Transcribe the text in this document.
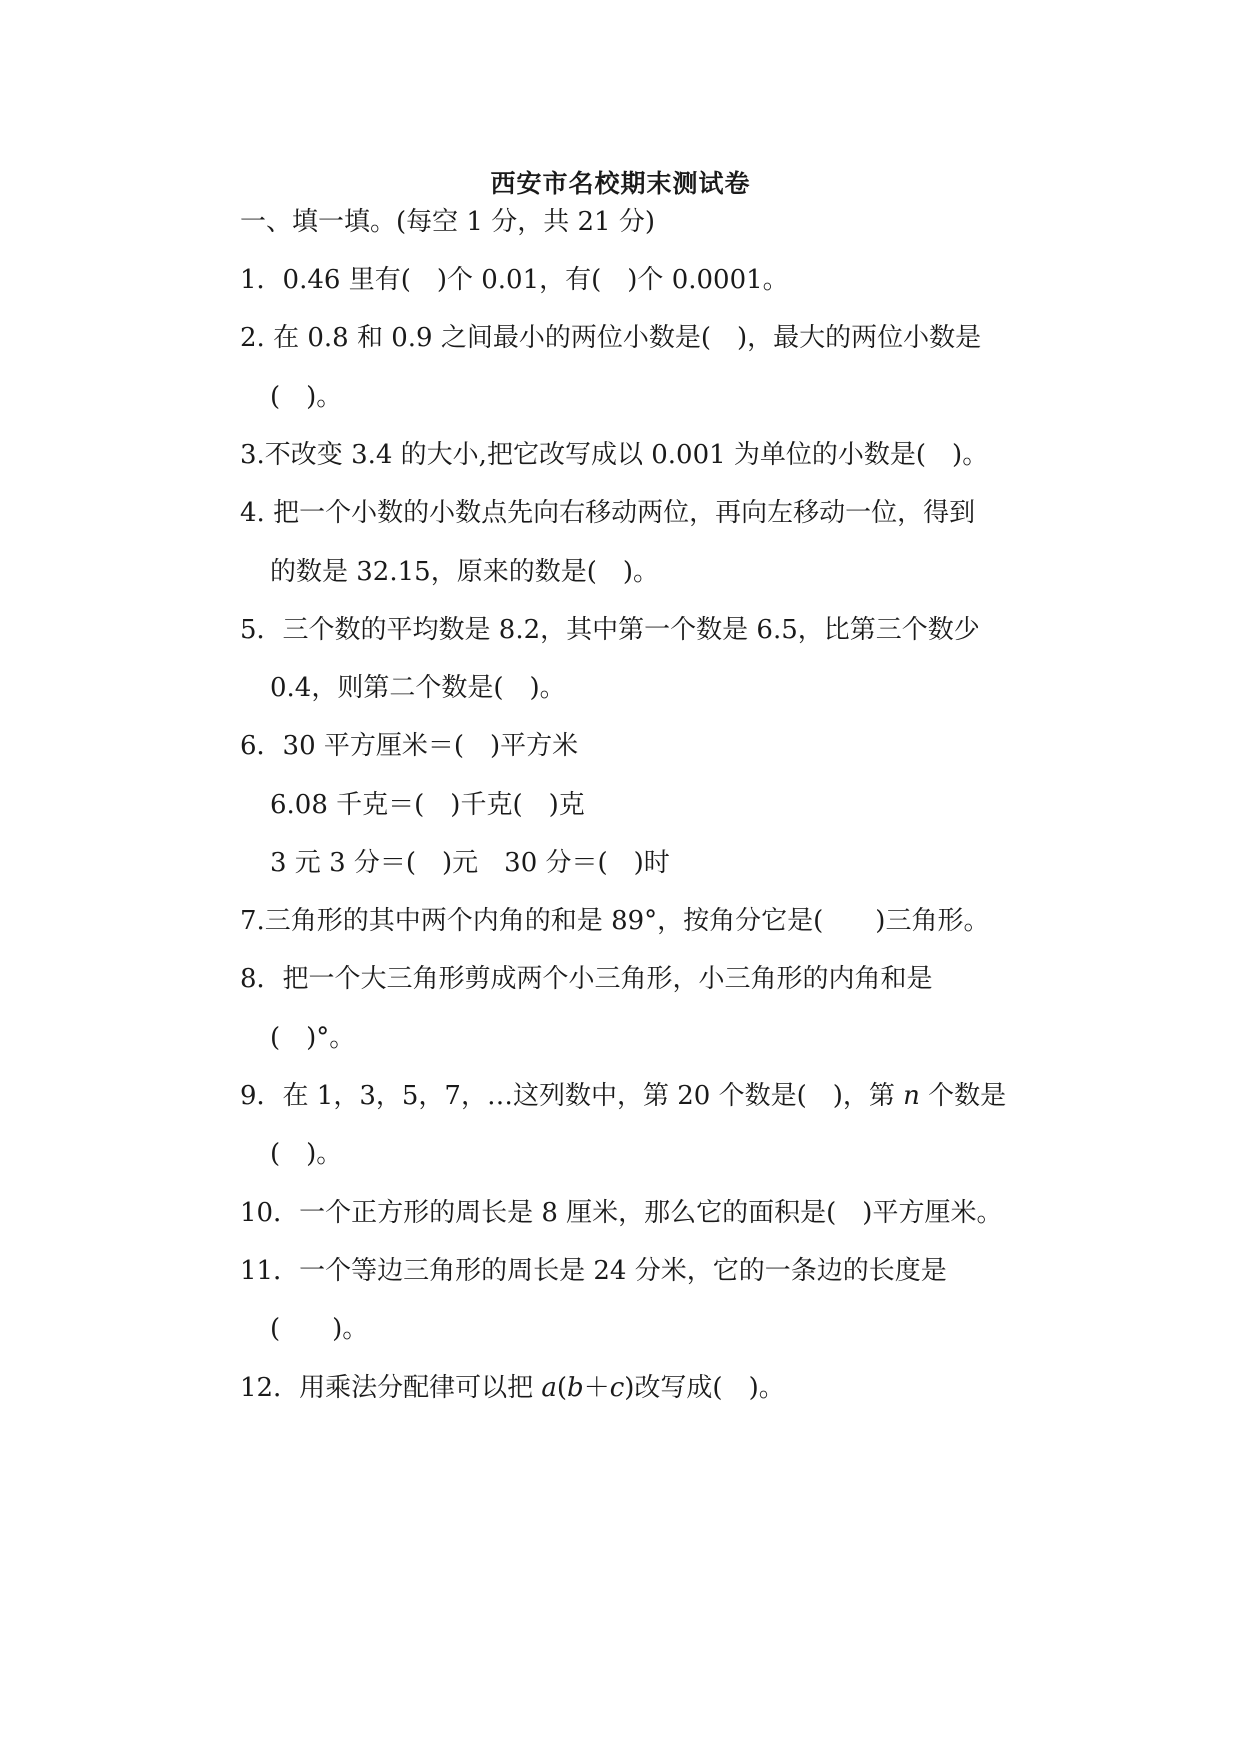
西安市名校期末测试卷
一、填一填。(每空 1 分，共 21 分)
1．0.46 里有(　)个 0.01，有(　)个 0.0001。
2. 在 0.8 和 0.9 之间最小的两位小数是(　)，最大的两位小数是
(　)。
3.不改变 3.4 的大小,把它改写成以 0.001 为单位的小数是(　)。
4. 把一个小数的小数点先向右移动两位，再向左移动一位，得到
的数是 32.15，原来的数是(　)。
5．三个数的平均数是 8.2，其中第一个数是 6.5，比第三个数少
0.4，则第二个数是(　)。
6．30 平方厘米＝(　)平方米
6.08 千克＝(　)千克(　)克
3 元 3 分＝(　)元　30 分＝(　)时
7.三角形的其中两个内角的和是 89°，按角分它是(　　)三角形。
8．把一个大三角形剪成两个小三角形，小三角形的内角和是
(　)°。
9．在 1，3，5，7，…这列数中，第 20 个数是(　)，第 n 个数是
(　)。
10．一个正方形的周长是 8 厘米，那么它的面积是(　)平方厘米。
11．一个等边三角形的周长是 24 分米，它的一条边的长度是
(　　)。
12．用乘法分配律可以把 a(b＋c)改写成(　)。
